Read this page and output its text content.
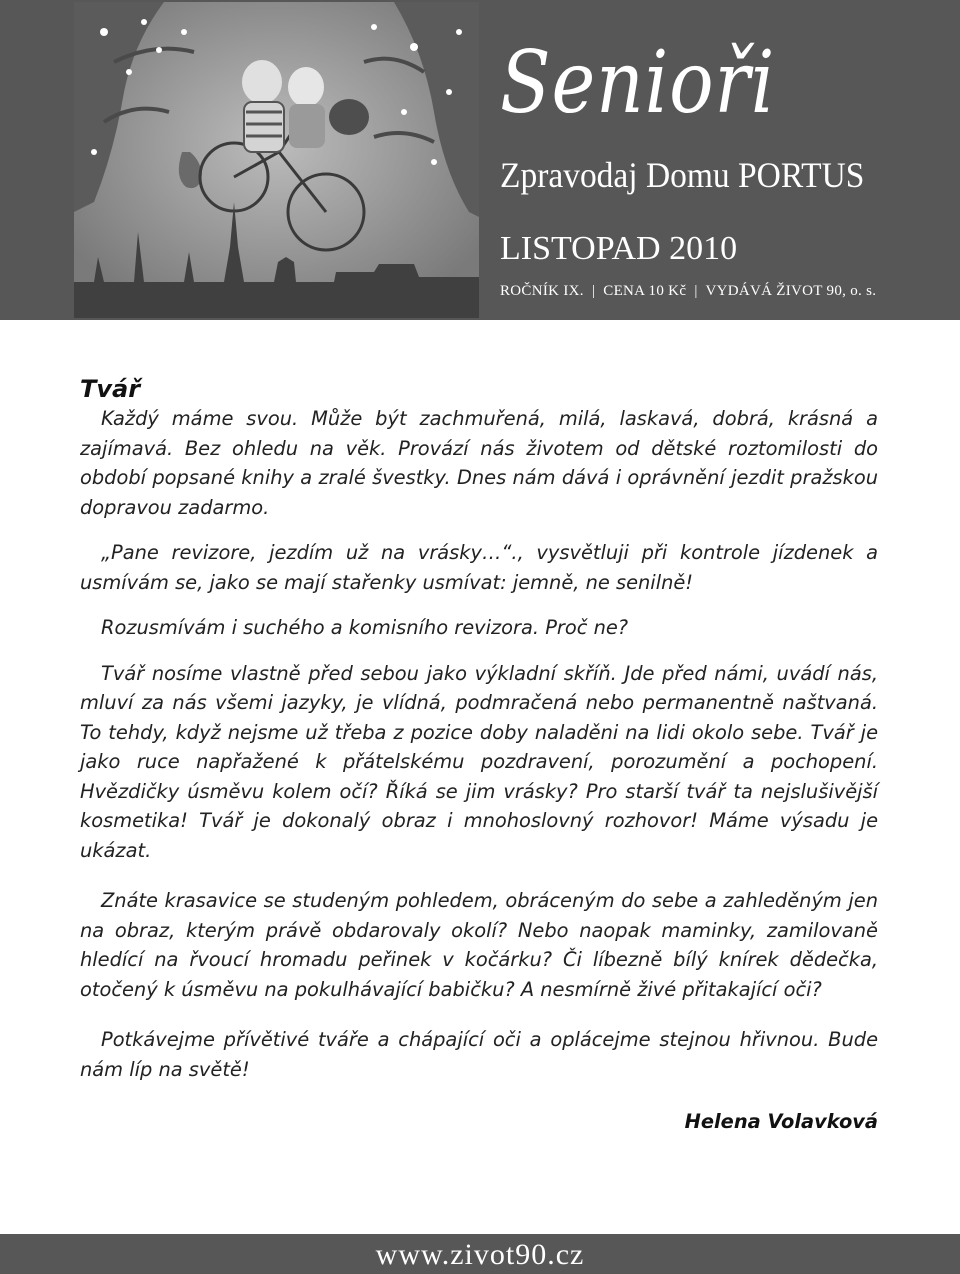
Senioři
Zpravodaj Domu PORTUS
LISTOPAD 2010
ROČNÍK IX. | CENA 10 Kč | VYDÁVÁ ŽIVOT 90, o. s.
Tvář

Každý máme svou. Může být zachmuřená, milá, laskavá, dobrá, krásná a zajímavá. Bez ohledu na věk. Provází nás životem od dětské roztomilosti do období popsané knihy a zralé švestky. Dnes nám dává i oprávnění jezdit pražskou dopravou zadarmo.

„Pane revizore, jezdím už na vrásky…“., vysvětluji při kontrole jízdenek a usmívám se, jako se mají stařenky usmívat: jemně, ne senilně!

Rozusmívám i suchého a komisního revizora. Proč ne?

Tvář nosíme vlastně před sebou jako výkladní skříň. Jde před námi, uvádí nás, mluví za nás všemi jazyky, je vlídná, podmračená nebo permanentně naštvaná. To tehdy, když nejsme už třeba z pozice doby naladěni na lidi okolo sebe. Tvář je jako ruce napřažené k přátelskému pozdravení, porozumění a pochopení. Hvězdičky úsměvu kolem očí? Říká se jim vrásky? Pro starší tvář ta nejslušivější kosmetika! Tvář je dokonalý obraz i mnohoslovný rozhovor! Máme výsadu je ukázat.

Znáte krasavice se studeným pohledem, obráceným do sebe a zahleděným jen na obraz, kterým právě obdarovaly okolí? Nebo naopak maminky, zamilovaně hledící na řvoucí hromadu peřinek v kočárku? Či líbezně bílý knírek dědečka, otočený k úsměvu na pokulhávající babičku? A nesmírně živé přitakající oči?

Potkávejme přívětivé tváře a chápající oči a oplácejme stejnou hřivnou. Bude nám líp na světě!

Helena Volavková
www.zivot90.cz
